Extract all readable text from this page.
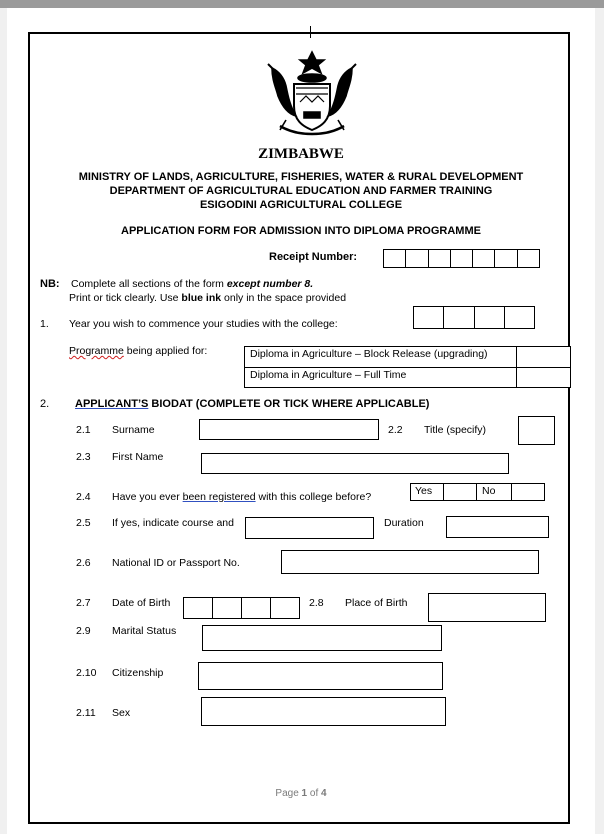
ZIMBABWE
MINISTRY OF LANDS, AGRICULTURE, FISHERIES, WATER & RURAL DEVELOPMENT
DEPARTMENT OF AGRICULTURAL EDUCATION AND FARMER TRAINING
ESIGODINI AGRICULTURAL COLLEGE
APPLICATION FORM FOR ADMISSION INTO DIPLOMA PROGRAMME
Receipt Number:
NB: Complete all sections of the form except number 8.
Print or tick clearly. Use blue ink only in the space provided
1. Year you wish to commence your studies with the college:
Programme being applied for:	Diploma in Agriculture – Block Release (upgrading)
Diploma in Agriculture – Full Time
2. APPLICANT’S BIODAT (COMPLETE OR TICK WHERE APPLICABLE)
2.1 Surname	2.2 Title (specify)
2.3 First Name
2.4 Have you ever been registered with this college before?	Yes	No
2.5 If yes, indicate course and	Duration
2.6 National ID or Passport No.
2.7 Date of Birth	2.8 Place of Birth
2.9 Marital Status
2.10 Citizenship
2.11 Sex
Page 1 of 4
